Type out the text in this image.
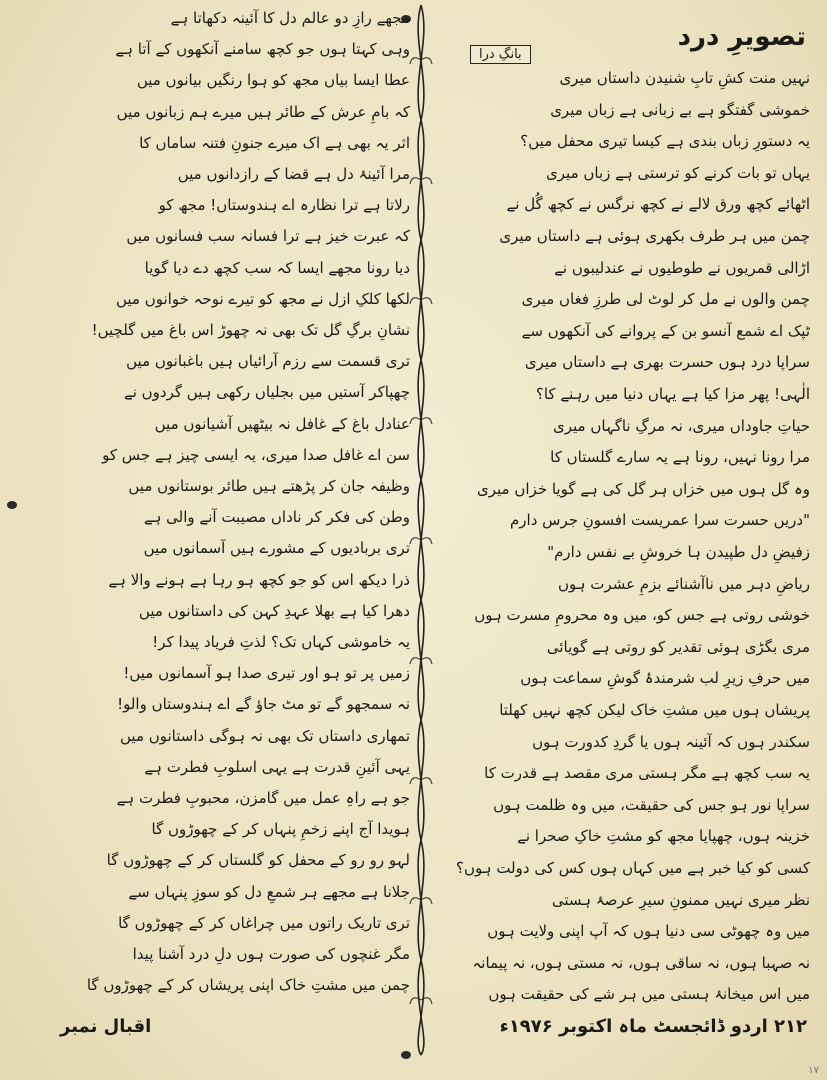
تصویرِ درد
بانگِ درا
نہیں منت کشِ تابِ شنیدن داستاں میری
خموشی گفتگو ہے بے زبانی ہے زباں میری
یہ دستورِ زباں بندی ہے کیسا تیری محفل میں؟
یہاں تو بات کرنے کو ترستی ہے زباں میری
اٹھائے کچھ ورق لالے نے کچھ نرگس نے کچھ گُل نے
چمن میں ہر طرف بکھری ہوئی ہے داستاں میری
اڑالی قمریوں نے طوطیوں نے عندلیبوں نے
چمن والوں نے مل کر لوٹ لی طرزِ فغاں میری
ٹپک اے شمع آنسو بن کے پروانے کی آنکھوں سے
سراپا درد ہوں حسرت بھری ہے داستاں میری
الٰہی! پھر مزا کیا ہے یہاں دنیا میں رہنے کا؟
حیاتِ جاوداں میری، نہ مرگِ ناگہاں میری
مرا رونا نہیں، رونا ہے یہ سارے گلستاں کا
وہ گل ہوں میں خزاں ہر گل کی ہے گویا خزاں میری
"دریں حسرت سرا عمریست افسونِ جرس دارم
زفیضِ دل طپیدن ہا خروشِ بے نفس دارم"
ریاضِ دہر میں ناآشنائے بزمِ عشرت ہوں
خوشی روتی ہے جس کو، میں وہ محرومِ مسرت ہوں
مری بگڑی ہوئی تقدیر کو روتی ہے گویائی
میں حرفِ زیرِ لب شرمندۂ گوشِ سماعت ہوں
پریشاں ہوں میں مشتِ خاک لیکن کچھ نہیں کھلتا
سکندر ہوں کہ آئینہ ہوں یا گردِ کدورت ہوں
یہ سب کچھ ہے مگر ہستی مری مقصد ہے قدرت کا
سراپا نور ہو جس کی حقیقت، میں وہ ظلمت ہوں
خزینہ ہوں، چھپایا مجھ کو مشتِ خاکِ صحرا نے
کسی کو کیا خبر ہے میں کہاں ہوں کس کی دولت ہوں؟
نظر میری نہیں ممنونِ سیرِ عرصۂ ہستی
میں وہ چھوٹی سی دنیا ہوں کہ آپ اپنی ولایت ہوں
نہ صہبا ہوں، نہ ساقی ہوں، نہ مستی ہوں، نہ پیمانہ
میں اس میخانۂ ہستی میں ہر شے کی حقیقت ہوں
مجھے رازِ دو عالم دل کا آئینہ دکھاتا ہے
وہی کہتا ہوں جو کچھ سامنے آنکھوں کے آتا ہے
عطا ایسا بیاں مجھ کو ہوا رنگیں بیانوں میں
کہ بامِ عرش کے طائر ہیں میرے ہم زبانوں میں
اثر یہ بھی ہے اک میرے جنونِ فتنہ ساماں کا
مرا آئینۂ دل ہے قضا کے رازدانوں میں
رلاتا ہے ترا نظارہ اے ہندوستاں! مجھ کو
کہ عبرت خیز ہے ترا فسانہ سب فسانوں میں
دیا رونا مجھے ایسا کہ سب کچھ دے دیا گویا
لکھا کلکِ ازل نے مجھ کو تیرے نوحہ خوانوں میں
نشانِ برگِ گل تک بھی نہ چھوڑ اس باغ میں گلچیں!
تری قسمت سے رزم آرائیاں ہیں باغبانوں میں
چھپاکر آستیں میں بجلیاں رکھی ہیں گردوں نے
عنادل باغ کے غافل نہ بیٹھیں آشیانوں میں
سن اے غافل صدا میری، یہ ایسی چیز ہے جس کو
وظیفہ جان کر پڑھتے ہیں طائر بوستانوں میں
وطن کی فکر کر ناداں مصیبت آنے والی ہے
تری بربادیوں کے مشورے ہیں آسمانوں میں
ذرا دیکھ اس کو جو کچھ ہو رہا ہے ہونے والا ہے
دھرا کیا ہے بھلا عہدِ کہن کی داستانوں میں
یہ خاموشی کہاں تک؟ لذتِ فریاد پیدا کر!
زمیں پر تو ہو اور تیری صدا ہو آسمانوں میں!
نہ سمجھو گے تو مٹ جاؤ گے اے ہندوستاں والو!
تمھاری داستاں تک بھی نہ ہوگی داستانوں میں
یہی آئینِ قدرت ہے یہی اسلوبِ فطرت ہے
جو ہے راہِ عمل میں گامزن، محبوبِ فطرت ہے
ہویدا آج اپنے زخمِ پنہاں کر کے چھوڑوں گا
لہو رو رو کے محفل کو گلستاں کر کے چھوڑوں گا
جلانا ہے مجھے ہر شمعِ دل کو سوزِ پنہاں سے
تری تاریک راتوں میں چراغاں کر کے چھوڑوں گا
مگر غنچوں کی صورت ہوں دلِ درد آشنا پیدا
چمن میں مشتِ خاک اپنی پریشاں کر کے چھوڑوں گا
۲۱۲ اردو ڈائجسٹ ماہ اکتوبر ۱۹۷۶ء
اقبال نمبر
۱۷
